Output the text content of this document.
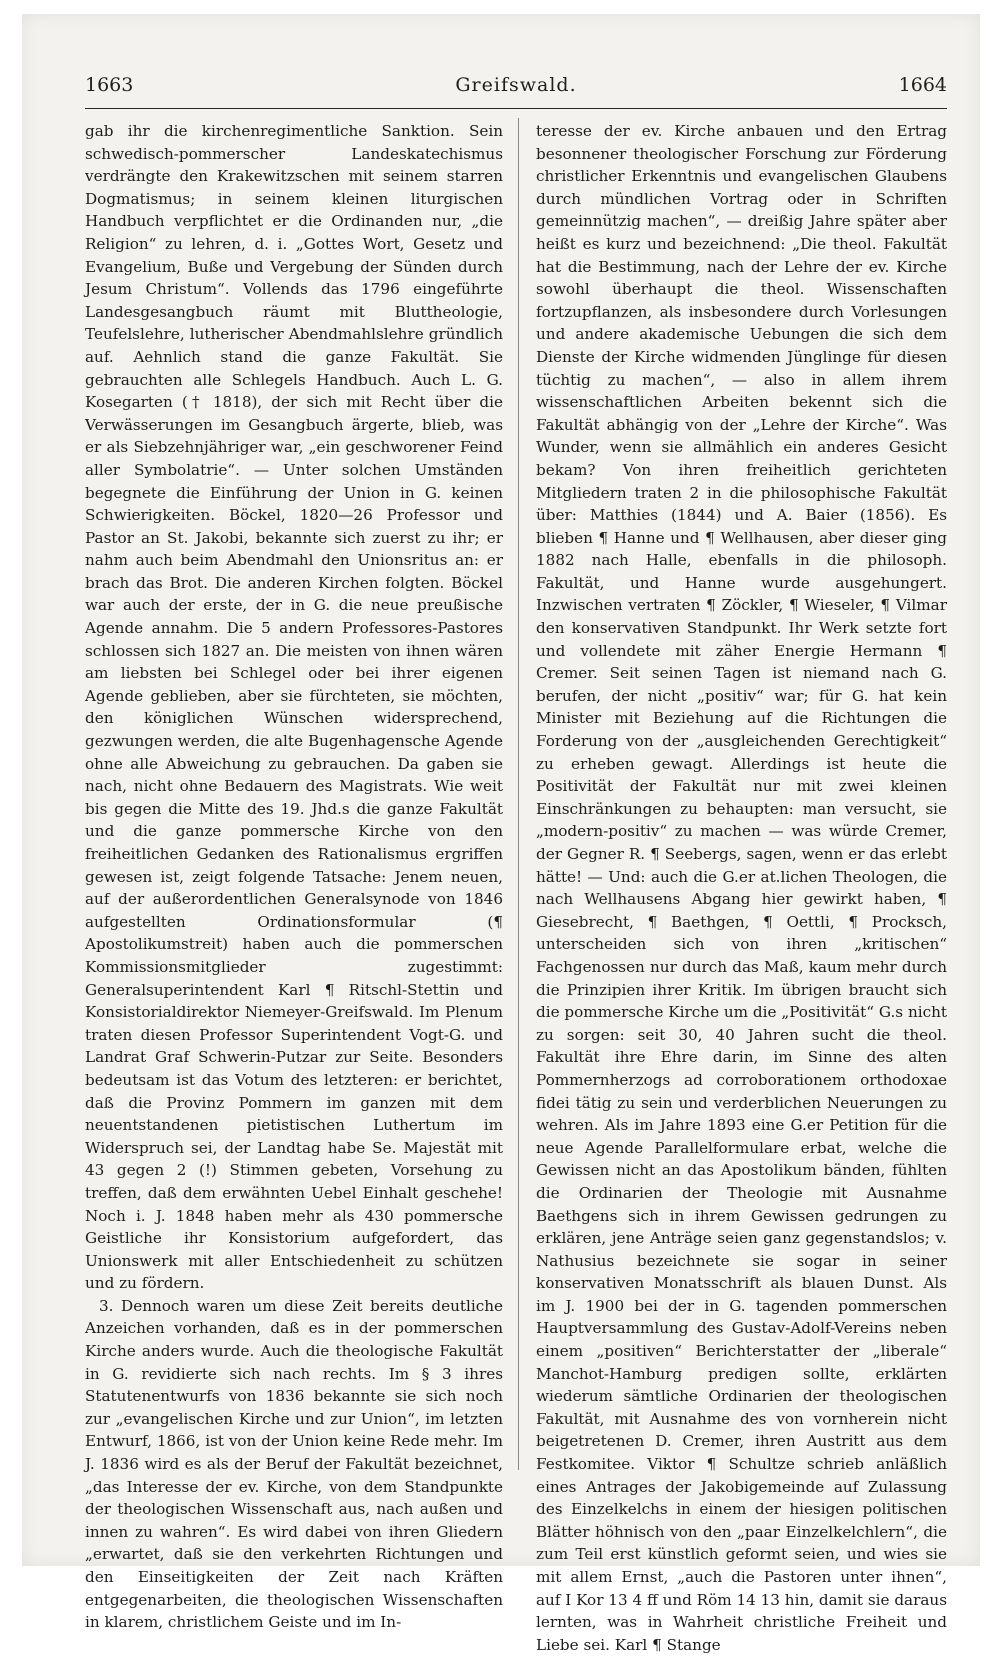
1663	Greifswald.	1664

gab ihr die kirchenregimentliche Sanktion. Sein schwedisch-pommerscher Landeskatechismus verdrängte den Krakewitzschen mit seinem starren Dogmatismus; in seinem kleinen liturgischen Handbuch verpflichtet er die Ordinanden nur, „die Religion“ zu lehren, d. i. „Gottes Wort, Gesetz und Evangelium, Buße und Vergebung der Sünden durch Jesum Christum“. Vollends das 1796 eingeführte Landesgesangbuch räumt mit Bluttheologie, Teufelslehre, lutherischer Abendmahlslehre gründlich auf. Aehnlich stand die ganze Fakultät. Sie gebrauchten alle Schlegels Handbuch. Auch L. G. Kosegarten († 1818), der sich mit Recht über die Verwässerungen im Gesangbuch ärgerte, blieb, was er als Siebzehnjähriger war, „ein geschworener Feind aller Symbolatrie“. — Unter solchen Umständen begegnete die Einführung der Union in G. keinen Schwierigkeiten. Böckel, 1820—26 Professor und Pastor an St. Jakobi, bekannte sich zuerst zu ihr; er nahm auch beim Abendmahl den Unionsritus an: er brach das Brot. Die anderen Kirchen folgten. Böckel war auch der erste, der in G. die neue preußische Agende annahm. Die 5 andern Professores-Pastores schlossen sich 1827 an. Die meisten von ihnen wären am liebsten bei Schlegel oder bei ihrer eigenen Agende geblieben, aber sie fürchteten, sie möchten, den königlichen Wünschen widersprechend, gezwungen werden, die alte Bugenhagensche Agende ohne alle Abweichung zu gebrauchen. Da gaben sie nach, nicht ohne Bedauern des Magistrats. Wie weit bis gegen die Mitte des 19. Jhd.s die ganze Fakultät und die ganze pommersche Kirche von den freiheitlichen Gedanken des Rationalismus ergriffen gewesen ist, zeigt folgende Tatsache: Jenem neuen, auf der außerordentlichen Generalsynode von 1846 aufgestellten Ordinationsformular (¶ Apostolikumstreit) haben auch die pommerschen Kommissionsmitglieder zugestimmt: Generalsuperintendent Karl ¶ Ritschl-Stettin und Konsistorialdirektor Niemeyer-Greifswald. Im Plenum traten diesen Professor Superintendent Vogt-G. und Landrat Graf Schwerin-Putzar zur Seite. Besonders bedeutsam ist das Votum des letzteren: er berichtet, daß die Provinz Pommern im ganzen mit dem neuentstandenen pietistischen Luthertum im Widerspruch sei, der Landtag habe Se. Majestät mit 43 gegen 2 (!) Stimmen gebeten, Vorsehung zu treffen, daß dem erwähnten Uebel Einhalt geschehe! Noch i. J. 1848 haben mehr als 430 pommersche Geistliche ihr Konsistorium aufgefordert, das Unionswerk mit aller Entschiedenheit zu schützen und zu fördern.

3. Dennoch waren um diese Zeit bereits deutliche Anzeichen vorhanden, daß es in der pommerschen Kirche anders wurde. Auch die theologische Fakultät in G. revidierte sich nach rechts. Im § 3 ihres Statutenentwurfs von 1836 bekannte sie sich noch zur „evangelischen Kirche und zur Union“, im letzten Entwurf, 1866, ist von der Union keine Rede mehr. Im J. 1836 wird es als der Beruf der Fakultät bezeichnet, „das Interesse der ev. Kirche, von dem Standpunkte der theologischen Wissenschaft aus, nach außen und innen zu wahren“. Es wird dabei von ihren Gliedern „erwartet, daß sie den verkehrten Richtungen und den Einseitigkeiten der Zeit nach Kräften entgegenarbeiten, die theologischen Wissenschaften in klarem, christlichem Geiste und im In-

teresse der ev. Kirche anbauen und den Ertrag besonnener theologischer Forschung zur Förderung christlicher Erkenntnis und evangelischen Glaubens durch mündlichen Vortrag oder in Schriften gemeinnützig machen“, — dreißig Jahre später aber heißt es kurz und bezeichnend: „Die theol. Fakultät hat die Bestimmung, nach der Lehre der ev. Kirche sowohl überhaupt die theol. Wissenschaften fortzupflanzen, als insbesondere durch Vorlesungen und andere akademische Uebungen die sich dem Dienste der Kirche widmenden Jünglinge für diesen tüchtig zu machen“, — also in allem ihrem wissenschaftlichen Arbeiten bekennt sich die Fakultät abhängig von der „Lehre der Kirche“. Was Wunder, wenn sie allmählich ein anderes Gesicht bekam? Von ihren freiheitlich gerichteten Mitgliedern traten 2 in die philosophische Fakultät über: Matthies (1844) und A. Baier (1856). Es blieben ¶ Hanne und ¶ Wellhausen, aber dieser ging 1882 nach Halle, ebenfalls in die philosoph. Fakultät, und Hanne wurde ausgehungert. Inzwischen vertraten ¶ Zöckler, ¶ Wieseler, ¶ Vilmar den konservativen Standpunkt. Ihr Werk setzte fort und vollendete mit zäher Energie Hermann ¶ Cremer. Seit seinen Tagen ist niemand nach G. berufen, der nicht „positiv“ war; für G. hat kein Minister mit Beziehung auf die Richtungen die Forderung von der „ausgleichenden Gerechtigkeit“ zu erheben gewagt. Allerdings ist heute die Positivität der Fakultät nur mit zwei kleinen Einschränkungen zu behaupten: man versucht, sie „modern-positiv“ zu machen — was würde Cremer, der Gegner R. ¶ Seebergs, sagen, wenn er das erlebt hätte! — Und: auch die G.er at.lichen Theologen, die nach Wellhausens Abgang hier gewirkt haben, ¶ Giesebrecht, ¶ Baethgen, ¶ Oettli, ¶ Procksch, unterscheiden sich von ihren „kritischen“ Fachgenossen nur durch das Maß, kaum mehr durch die Prinzipien ihrer Kritik. Im übrigen braucht sich die pommersche Kirche um die „Positivität“ G.s nicht zu sorgen: seit 30, 40 Jahren sucht die theol. Fakultät ihre Ehre darin, im Sinne des alten Pommernherzogs ad corroborationem orthodoxae fidei tätig zu sein und verderblichen Neuerungen zu wehren. Als im Jahre 1893 eine G.er Petition für die neue Agende Parallelformulare erbat, welche die Gewissen nicht an das Apostolikum bänden, fühlten die Ordinarien der Theologie mit Ausnahme Baethgens sich in ihrem Gewissen gedrungen zu erklären, jene Anträge seien ganz gegenstandslos; v. Nathusius bezeichnete sie sogar in seiner konservativen Monatsschrift als blauen Dunst. Als im J. 1900 bei der in G. tagenden pommerschen Hauptversammlung des Gustav-Adolf-Vereins neben einem „positiven“ Berichterstatter der „liberale“ Manchot-Hamburg predigen sollte, erklärten wiederum sämtliche Ordinarien der theologischen Fakultät, mit Ausnahme des von vornherein nicht beigetretenen D. Cremer, ihren Austritt aus dem Festkomitee. Viktor ¶ Schultze schrieb anläßlich eines Antrages der Jakobigemeinde auf Zulassung des Einzelkelchs in einem der hiesigen politischen Blätter höhnisch von den „paar Einzelkelchlern“, die zum Teil erst künstlich geformt seien, und wies sie mit allem Ernst, „auch die Pastoren unter ihnen“, auf I Kor 13 4 ff und Röm 14 13 hin, damit sie daraus lernten, was in Wahrheit christliche Freiheit und Liebe sei. Karl ¶ Stange
